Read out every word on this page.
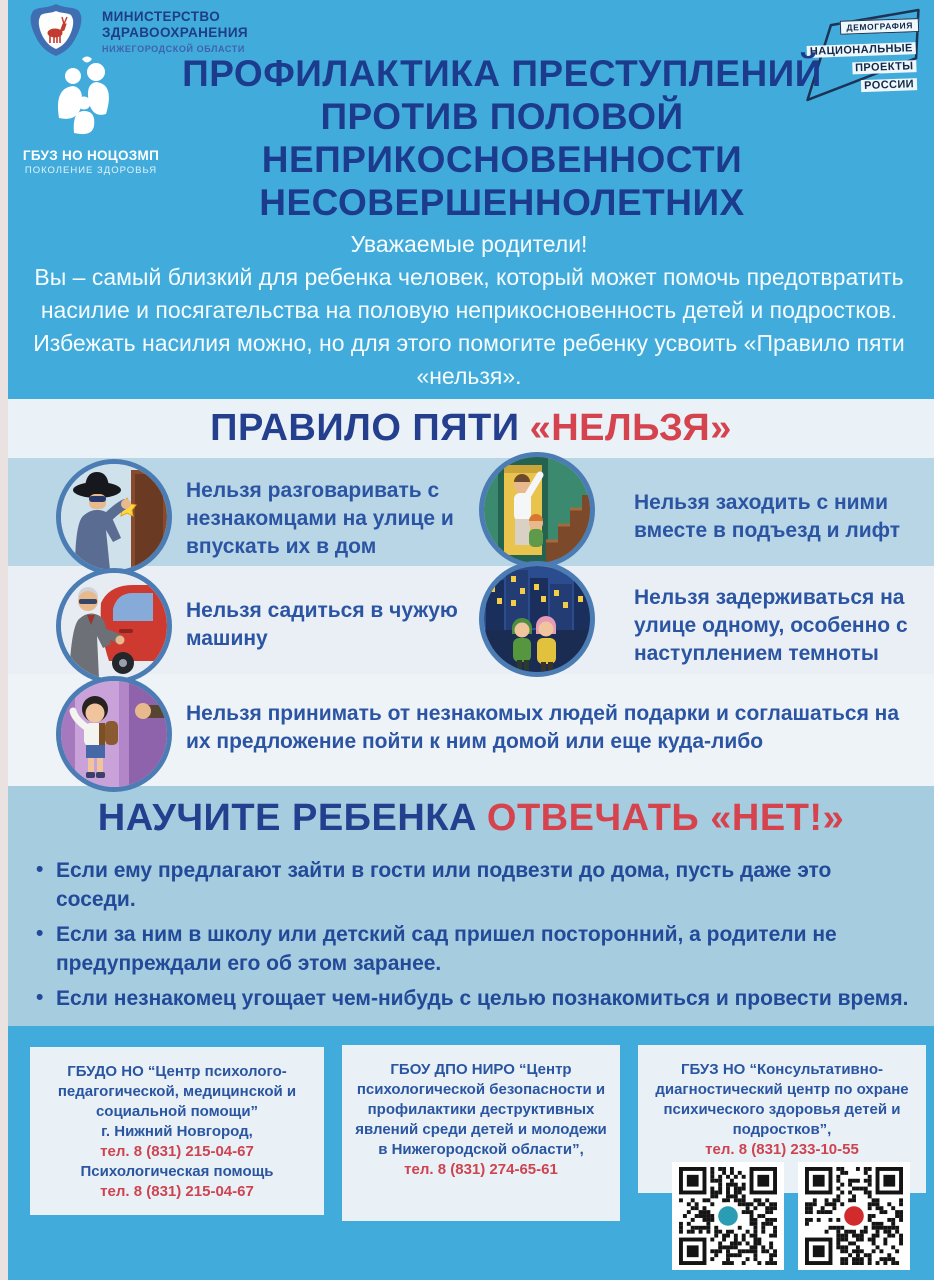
МИНИСТЕРСТВО
ЗДРАВООХРАНЕНИЯ
НИЖЕГОРОДСКОЙ ОБЛАСТИ
ГБУЗ НО НОЦОЗМП
ПОКОЛЕНИЕ ЗДОРОВЬЯ
ДЕМОГРАФИЯ
НАЦИОНАЛЬНЫЕ
ПРОЕКТЫ
РОССИИ
ПРОФИЛАКТИКА ПРЕСТУПЛЕНИЙ
ПРОТИВ ПОЛОВОЙ
НЕПРИКОСНОВЕННОСТИ
НЕСОВЕРШЕННОЛЕТНИХ
Уважаемые родители!
Вы – самый близкий для ребенка человек, который может помочь предотвратить насилие и посягательства на половую неприкосновенность детей и подростков. Избежать насилия можно, но для этого помогите ребенку усвоить «Правило пяти «нельзя».
ПРАВИЛО ПЯТИ «НЕЛЬЗЯ»
Нельзя разговаривать с незнакомцами на улице и впускать их в дом
Нельзя заходить с ними вместе в подъезд и лифт
Нельзя садиться в чужую машину
Нельзя задерживаться на улице одному, особенно с наступлением темноты
Нельзя принимать от незнакомых людей подарки и соглашаться на их предложение пойти к ним домой или еще куда-либо
НАУЧИТЕ РЕБЕНКА ОТВЕЧАТЬ «НЕТ!»
• Если ему предлагают зайти в гости или подвезти до дома, пусть даже это соседи.
• Если за ним в школу или детский сад пришел посторонний, а родители не предупреждали его об этом заранее.
• Если незнакомец угощает чем-нибудь с целью познакомиться и провести время.
ГБУДО НО “Центр психолого-педагогической, медицинской и социальной помощи”
г. Нижний Новгород,
тел. 8 (831) 215-04-67
Психологическая помощь
тел. 8 (831) 215-04-67
ГБОУ ДПО НИРО “Центр психологической безопасности и профилактики деструктивных явлений среди детей и молодежи в Нижегородской области”,
тел. 8 (831) 274-65-61
ГБУЗ НО “Консультативно-диагностический центр по охране психического здоровья детей и подростков”,
тел. 8 (831) 233-10-55
